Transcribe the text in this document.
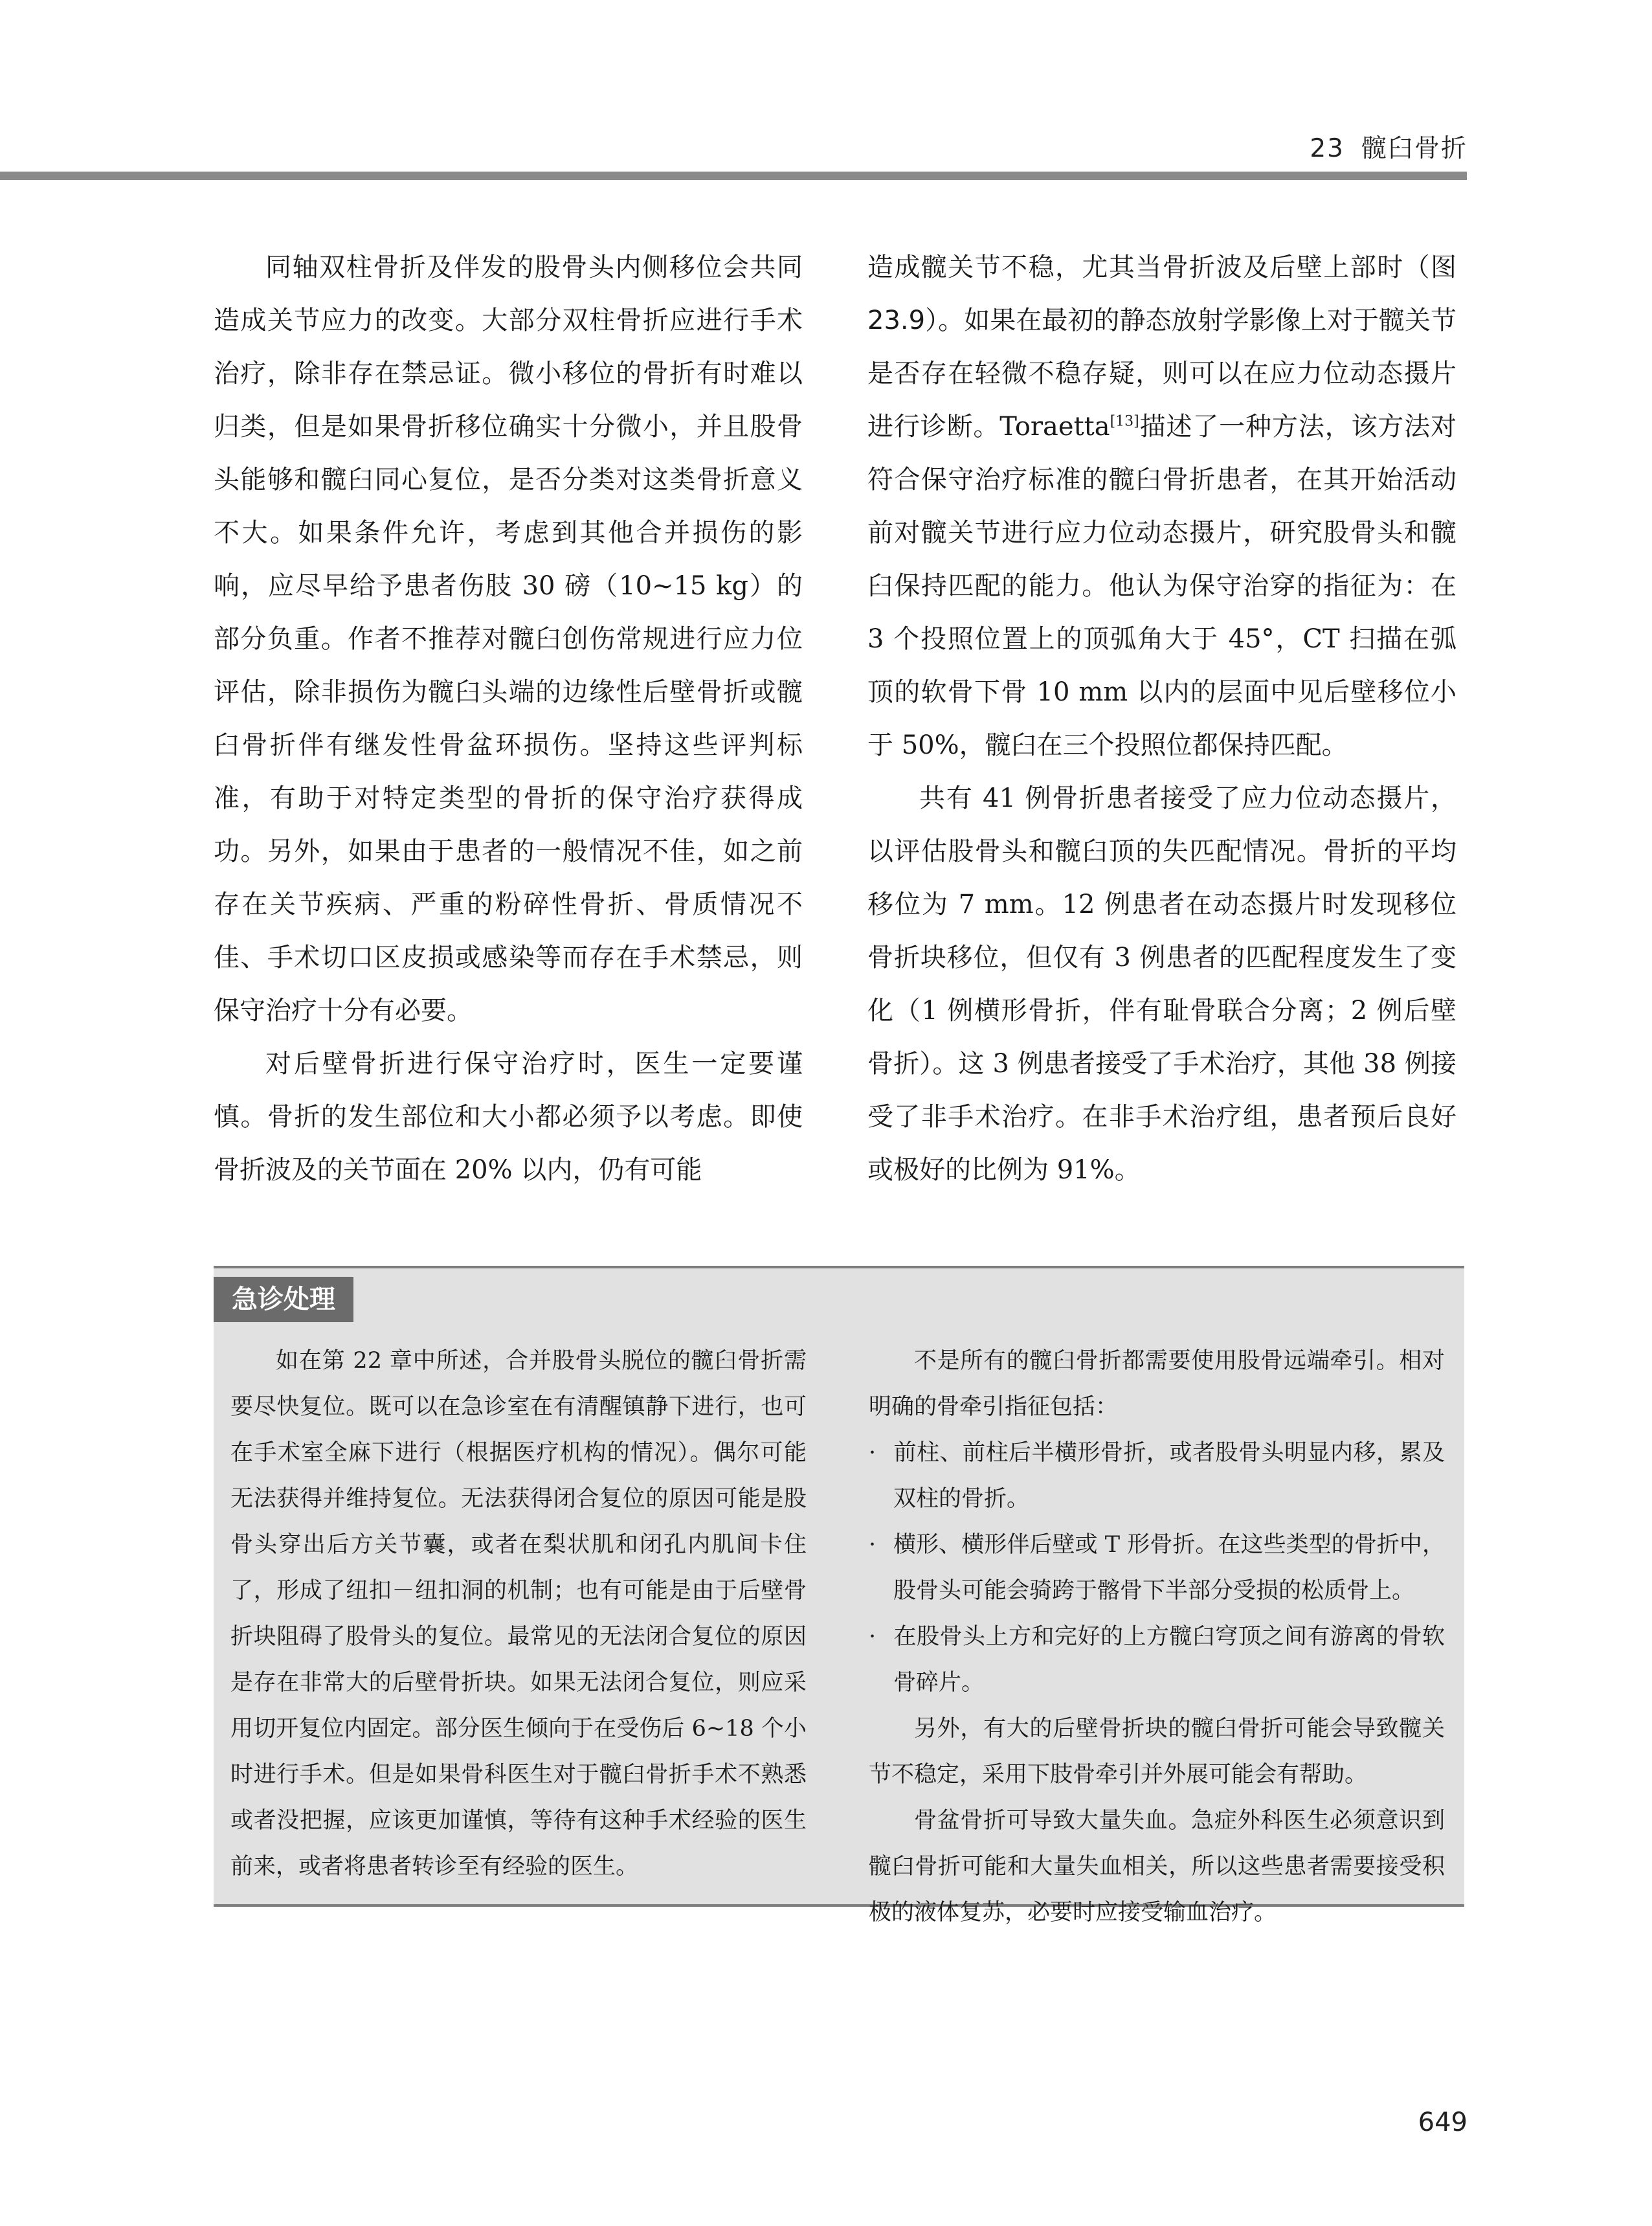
23 髋臼骨折

同轴双柱骨折及伴发的股骨头内侧移位会共同造成关节应力的改变。大部分双柱骨折应进行手术治疗，除非存在禁忌证。微小移位的骨折有时难以归类，但是如果骨折移位确实十分微小，并且股骨头能够和髋臼同心复位，是否分类对这类骨折意义不大。如果条件允许，考虑到其他合并损伤的影响，应尽早给予患者伤肢 30 磅（10~15 kg）的部分负重。作者不推荐对髋臼创伤常规进行应力位评估，除非损伤为髋臼头端的边缘性后壁骨折或髋臼骨折伴有继发性骨盆环损伤。坚持这些评判标准，有助于对特定类型的骨折的保守治疗获得成功。另外，如果由于患者的一般情况不佳，如之前存在关节疾病、严重的粉碎性骨折、骨质情况不佳、手术切口区皮损或感染等而存在手术禁忌，则保守治疗十分有必要。

对后壁骨折进行保守治疗时，医生一定要谨慎。骨折的发生部位和大小都必须予以考虑。即使骨折波及的关节面在 20% 以内，仍有可能

造成髋关节不稳，尤其当骨折波及后壁上部时（图 23.9）。如果在最初的静态放射学影像上对于髋关节是否存在轻微不稳存疑，则可以在应力位动态摄片进行诊断。Toraetta[13]描述了一种方法，该方法对符合保守治疗标准的髋臼骨折患者，在其开始活动前对髋关节进行应力位动态摄片，研究股骨头和髋臼保持匹配的能力。他认为保守治穿的指征为：在 3 个投照位置上的顶弧角大于 45°，CT 扫描在弧顶的软骨下骨 10 mm 以内的层面中见后壁移位小于 50%，髋臼在三个投照位都保持匹配。

共有 41 例骨折患者接受了应力位动态摄片，以评估股骨头和髋臼顶的失匹配情况。骨折的平均移位为 7 mm。12 例患者在动态摄片时发现移位骨折块移位，但仅有 3 例患者的匹配程度发生了变化（1 例横形骨折，伴有耻骨联合分离；2 例后壁骨折）。这 3 例患者接受了手术治疗，其他 38 例接受了非手术治疗。在非手术治疗组，患者预后良好或极好的比例为 91%。

急诊处理

如在第 22 章中所述，合并股骨头脱位的髋臼骨折需要尽快复位。既可以在急诊室在有清醒镇静下进行，也可在手术室全麻下进行（根据医疗机构的情况）。偶尔可能无法获得并维持复位。无法获得闭合复位的原因可能是股骨头穿出后方关节囊，或者在梨状肌和闭孔内肌间卡住了，形成了纽扣－纽扣洞的机制；也有可能是由于后壁骨折块阻碍了股骨头的复位。最常见的无法闭合复位的原因是存在非常大的后壁骨折块。如果无法闭合复位，则应采用切开复位内固定。部分医生倾向于在受伤后 6~18 个小时进行手术。但是如果骨科医生对于髋臼骨折手术不熟悉或者没把握，应该更加谨慎，等待有这种手术经验的医生前来，或者将患者转诊至有经验的医生。

不是所有的髋臼骨折都需要使用股骨远端牵引。相对明确的骨牵引指征包括：

· 前柱、前柱后半横形骨折，或者股骨头明显内移，累及双柱的骨折。

· 横形、横形伴后壁或 T 形骨折。在这些类型的骨折中，股骨头可能会骑跨于髂骨下半部分受损的松质骨上。

· 在股骨头上方和完好的上方髋臼穹顶之间有游离的骨软骨碎片。

另外，有大的后壁骨折块的髋臼骨折可能会导致髋关节不稳定，采用下肢骨牵引并外展可能会有帮助。

骨盆骨折可导致大量失血。急症外科医生必须意识到髋臼骨折可能和大量失血相关，所以这些患者需要接受积极的液体复苏，必要时应接受输血治疗。

649
